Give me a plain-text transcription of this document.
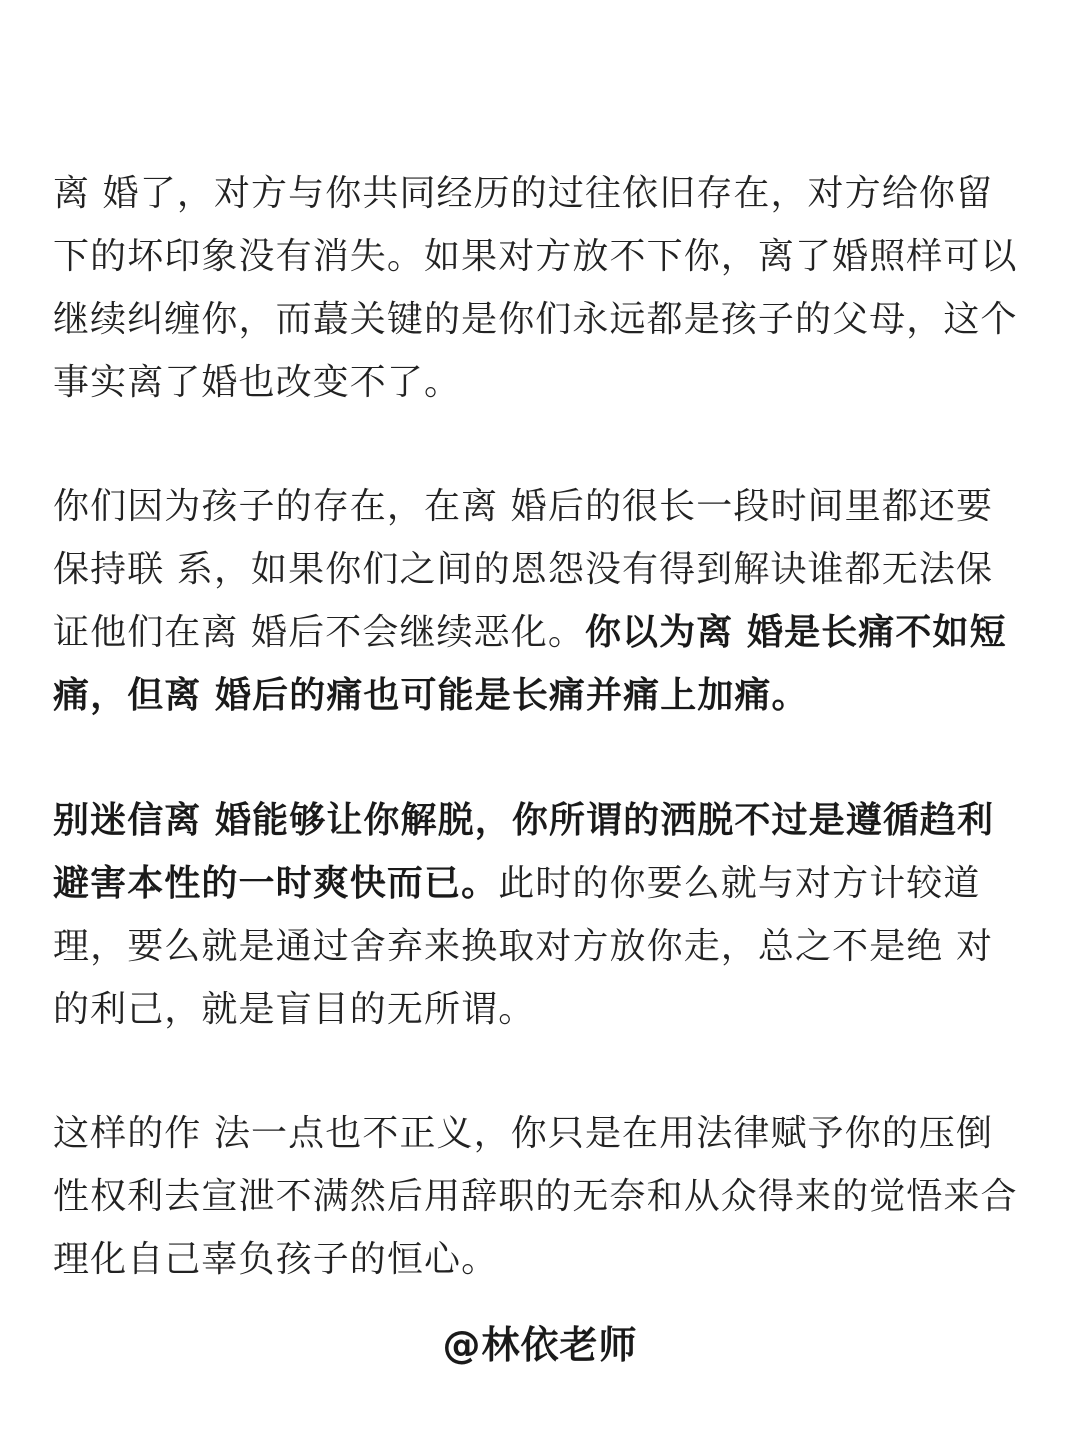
离 婚了，对方与你共同经历的过往依旧存在，对方给你留下的坏印象没有消失。如果对方放不下你，离了婚照样可以继续纠缠你，而蕞关键的是你们永远都是孩子的父母，这个事实离了婚也改变不了。

你们因为孩子的存在，在离 婚后的很长一段时间里都还要保持联 系，如果你们之间的恩怨没有得到解诀谁都无法保 证他们在离 婚后不会继续恶化。你以为离 婚是长痛不如短痛，但离 婚后的痛也可能是长痛并痛上加痛。

别迷信离 婚能够让你解脱，你所谓的洒脱不过是遵循趋利避害本性的一时爽快而已。此时的你要么就与对方计较道理，要么就是通过舍弃来换取对方放你走，总之不是绝 对的利己，就是盲目的无所谓。

这样的作 法一点也不正义，你只是在用法律赋予你的压倒性权利去宣泄不满然后用辞职的无奈和从众得来的觉悟来合理化自己辜负孩子的恒心。

@林依老师
